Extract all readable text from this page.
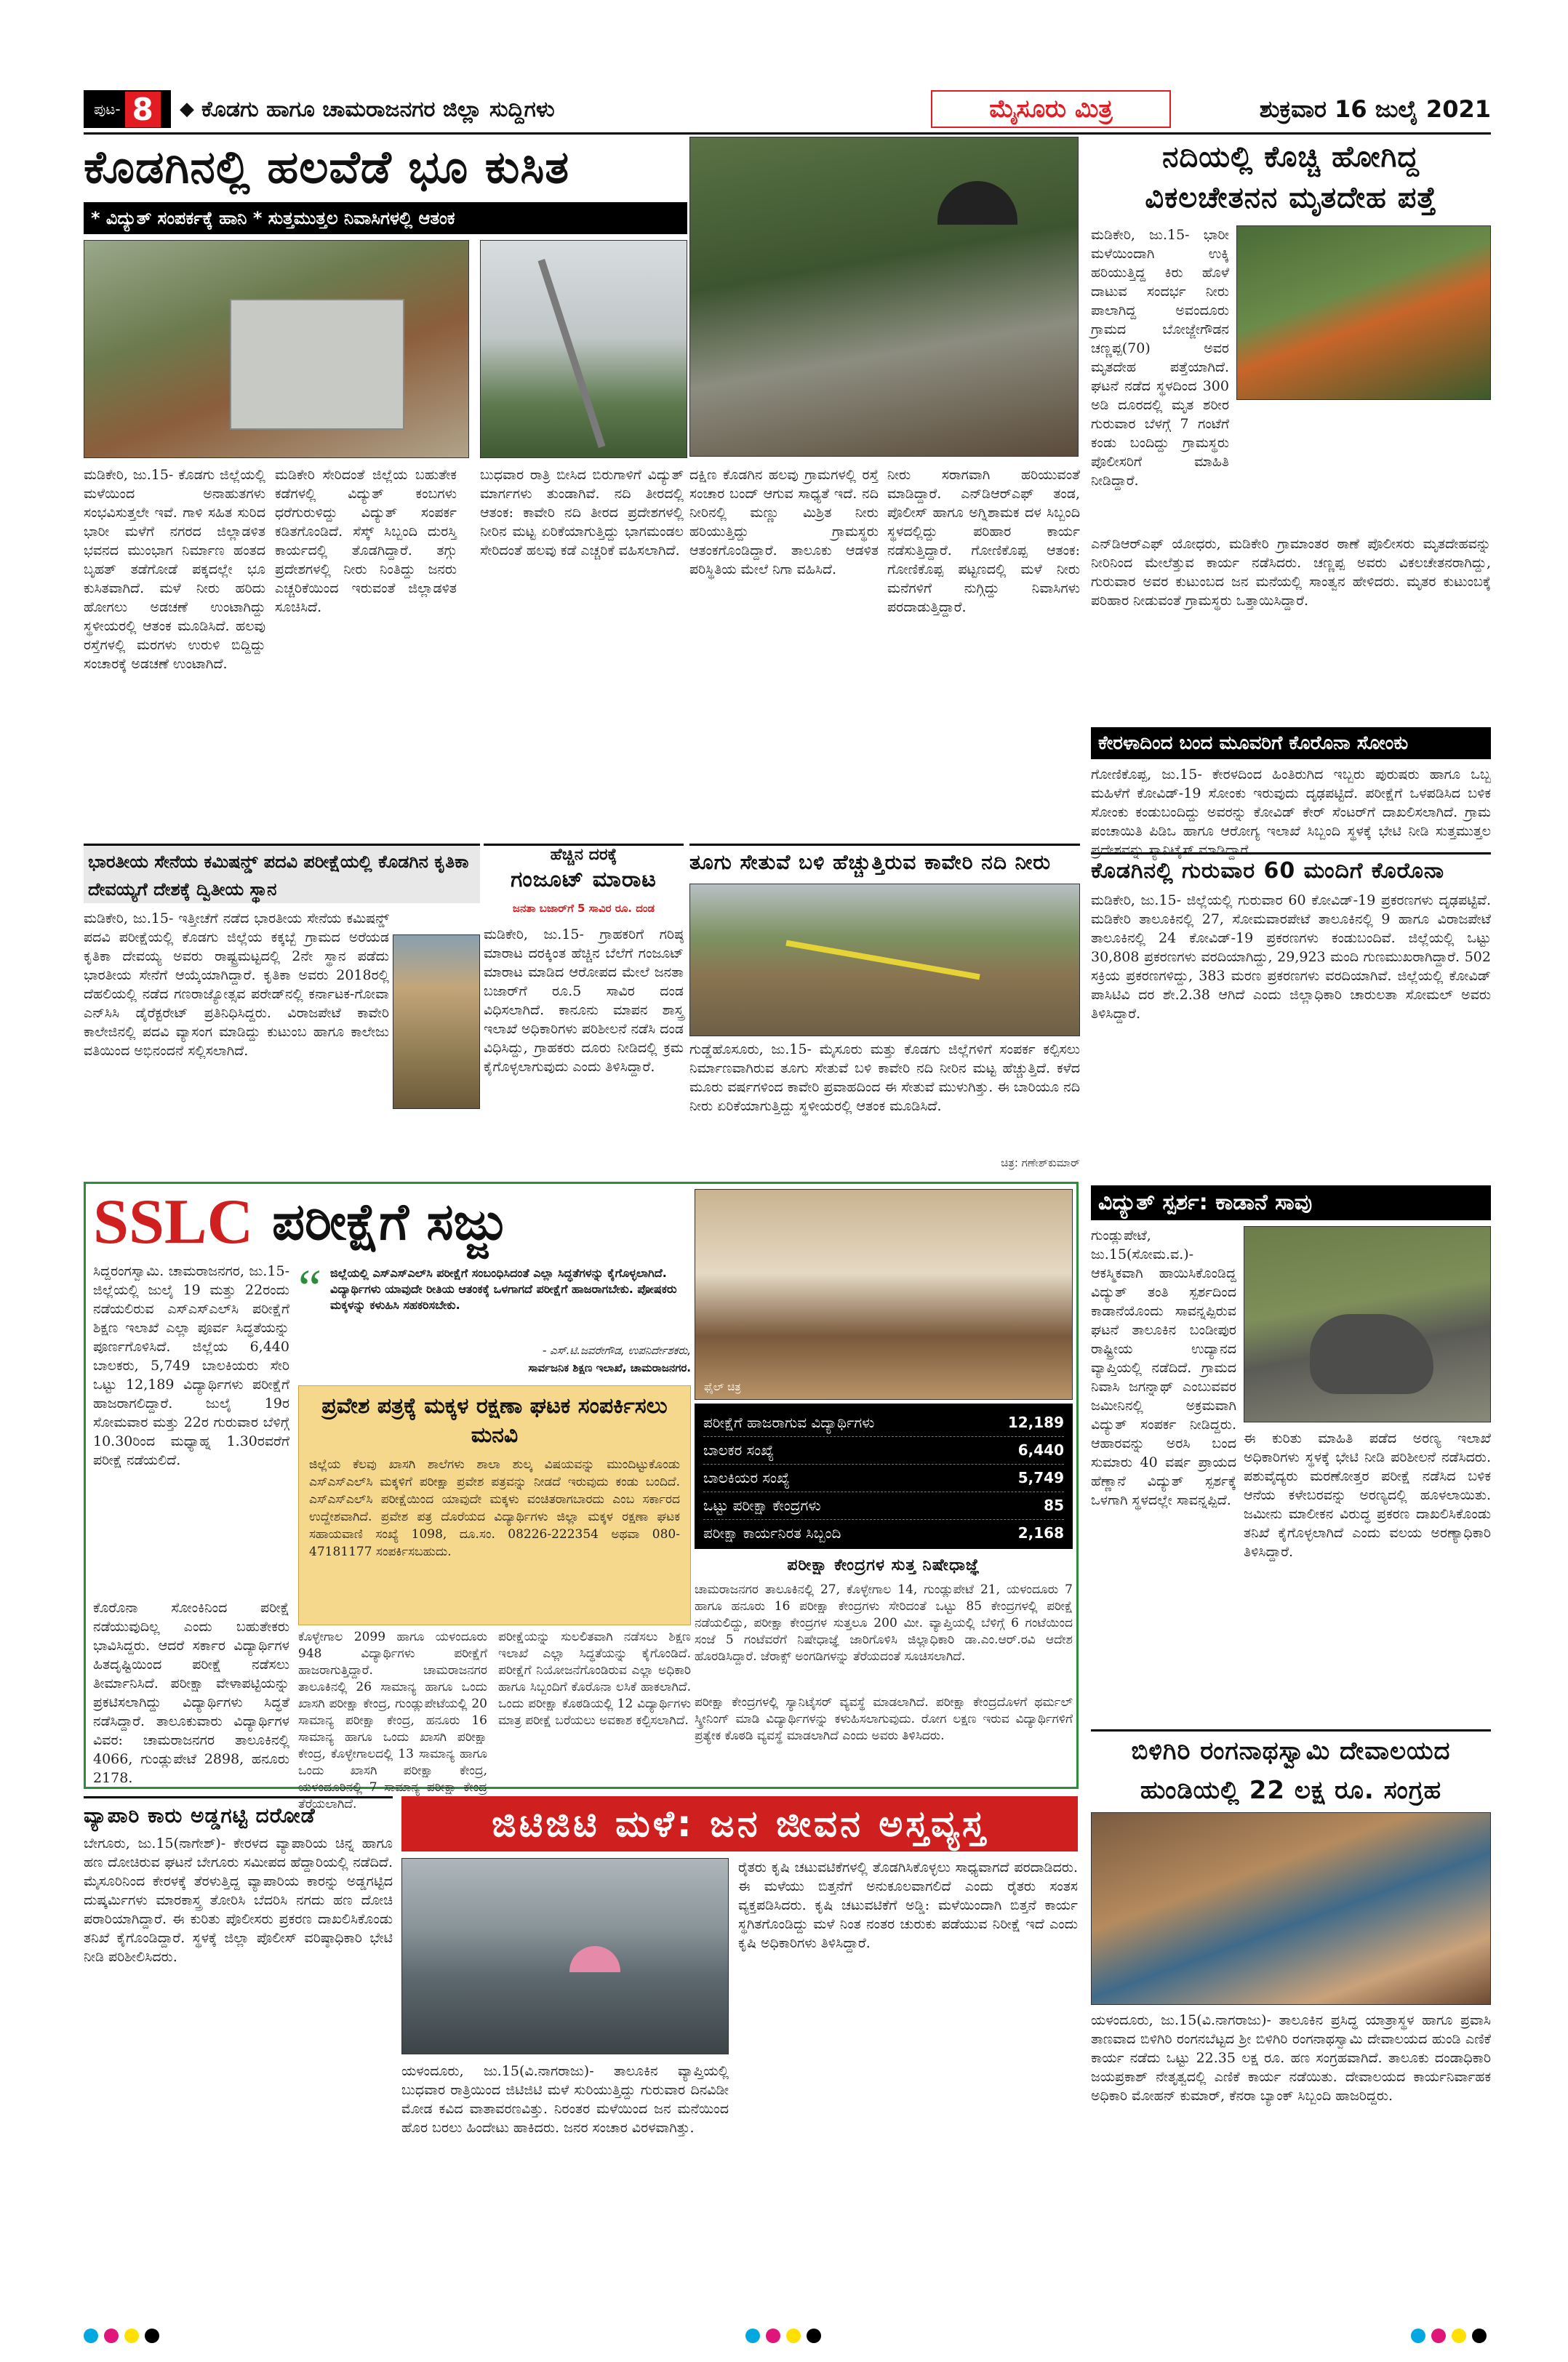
ಪುಟ- 8	◆ ಕೊಡಗು ಹಾಗೂ ಚಾಮರಾಜನಗರ ಜಿಲ್ಲಾ ಸುದ್ದಿಗಳು	ಮೈಸೂರು ಮಿತ್ರ	ಶುಕ್ರವಾರ 16 ಜುಲೈ 2021
ಕೊಡಗಿನಲ್ಲಿ ಹಲವೆಡೆ ಭೂ ಕುಸಿತ
* ವಿದ್ಯುತ್ ಸಂಪರ್ಕಕ್ಕೆ ಹಾನಿ * ಸುತ್ತಮುತ್ತಲ ನಿವಾಸಿಗಳಲ್ಲಿ ಆತಂಕ
ಮಡಿಕೇರಿ, ಜು.15- ಕೊಡಗು ಜಿಲ್ಲೆಯಲ್ಲಿ ಮಳೆಯಿಂದ ಅನಾಹುತಗಳು ಸಂಭವಿಸುತ್ತಲೇ ಇವೆ. ಗಾಳಿ ಸಹಿತ ಸುರಿದ ಭಾರೀ ಮಳೆಗೆ ನಗರದ ಜಿಲ್ಲಾಡಳಿತ ಭವನದ ಮುಂಭಾಗ ನಿರ್ಮಾಣ ಹಂತದ ಬೃಹತ್ ತಡೆಗೋಡೆ ಪಕ್ಕದಲ್ಲೇ ಭೂ ಕುಸಿತವಾಗಿದೆ. ಮಳೆ ನೀರು ಹರಿದು ಹೋಗಲು ಅಡಚಣೆ ಉಂಟಾಗಿದ್ದು ಸ್ಥಳೀಯರಲ್ಲಿ ಆತಂಕ ಮೂಡಿಸಿದೆ. ಹಲವು ರಸ್ತೆಗಳಲ್ಲಿ ಮರಗಳು ಉರುಳಿ ಬಿದ್ದಿದ್ದು ಸಂಚಾರಕ್ಕೆ ಅಡಚಣೆ ಉಂಟಾಗಿದೆ.
ಮಡಿಕೇರಿ ಸೇರಿದಂತೆ ಜಿಲ್ಲೆಯ ಬಹುತೇಕ ಕಡೆಗಳಲ್ಲಿ ವಿದ್ಯುತ್ ಕಂಬಗಳು ಧರೆಗುರುಳಿದ್ದು ವಿದ್ಯುತ್ ಸಂಪರ್ಕ ಕಡಿತಗೊಂಡಿದೆ. ಸೆಸ್ಕ್ ಸಿಬ್ಬಂದಿ ದುರಸ್ತಿ ಕಾರ್ಯದಲ್ಲಿ ತೊಡಗಿದ್ದಾರೆ. ತಗ್ಗು ಪ್ರದೇಶಗಳಲ್ಲಿ ನೀರು ನಿಂತಿದ್ದು ಜನರು ಎಚ್ಚರಿಕೆಯಿಂದ ಇರುವಂತೆ ಜಿಲ್ಲಾಡಳಿತ ಸೂಚಿಸಿದೆ.
ಬುಧವಾರ ರಾತ್ರಿ ಬೀಸಿದ ಬಿರುಗಾಳಿಗೆ ವಿದ್ಯುತ್ ಮಾರ್ಗಗಳು ತುಂಡಾಗಿವೆ. ನದಿ ತೀರದಲ್ಲಿ ಆತಂಕ: ಕಾವೇರಿ ನದಿ ತೀರದ ಪ್ರದೇಶಗಳಲ್ಲಿ ನೀರಿನ ಮಟ್ಟ ಏರಿಕೆಯಾಗುತ್ತಿದ್ದು ಭಾಗಮಂಡಲ ಸೇರಿದಂತೆ ಹಲವು ಕಡೆ ಎಚ್ಚರಿಕೆ ವಹಿಸಲಾಗಿದೆ.
ದಕ್ಷಿಣ ಕೊಡಗಿನ ಹಲವು ಗ್ರಾಮಗಳಲ್ಲಿ ರಸ್ತೆ ಸಂಚಾರ ಬಂದ್ ಆಗುವ ಸಾಧ್ಯತೆ ಇದೆ. ನದಿ ನೀರಿನಲ್ಲಿ ಮಣ್ಣು ಮಿಶ್ರಿತ ನೀರು ಹರಿಯುತ್ತಿದ್ದು ಗ್ರಾಮಸ್ಥರು ಆತಂಕಗೊಂಡಿದ್ದಾರೆ. ತಾಲೂಕು ಆಡಳಿತ ಪರಿಸ್ಥಿತಿಯ ಮೇಲೆ ನಿಗಾ ವಹಿಸಿದೆ.
ನೀರು ಸರಾಗವಾಗಿ ಹರಿಯುವಂತೆ ಮಾಡಿದ್ದಾರೆ. ಎನ್‌ಡಿಆರ್‌ಎಫ್ ತಂಡ, ಪೊಲೀಸ್ ಹಾಗೂ ಅಗ್ನಿಶಾಮಕ ದಳ ಸಿಬ್ಬಂದಿ ಸ್ಥಳದಲ್ಲಿದ್ದು ಪರಿಹಾರ ಕಾರ್ಯ ನಡೆಸುತ್ತಿದ್ದಾರೆ. ಗೋಣಿಕೊಪ್ಪ ಆತಂಕ: ಗೋಣಿಕೊಪ್ಪ ಪಟ್ಟಣದಲ್ಲಿ ಮಳೆ ನೀರು ಮನೆಗಳಿಗೆ ನುಗ್ಗಿದ್ದು ನಿವಾಸಿಗಳು ಪರದಾಡುತ್ತಿದ್ದಾರೆ.
ನದಿಯಲ್ಲಿ ಕೊಚ್ಚಿ ಹೋಗಿದ್ದ ವಿಕಲಚೇತನನ ಮೃತದೇಹ ಪತ್ತೆ
ಮಡಿಕೇರಿ, ಜು.15- ಭಾರೀ ಮಳೆಯಿಂದಾಗಿ ಉಕ್ಕಿ ಹರಿಯುತ್ತಿದ್ದ ಕಿರು ಹೊಳೆ ದಾಟುವ ಸಂದರ್ಭ ನೀರು ಪಾಲಾಗಿದ್ದ ಅವಂದೂರು ಗ್ರಾಮದ ಬೋಜ್ಜೇಗೌಡನ ಚಣ್ಣಪ್ಪ(70) ಅವರ ಮೃತದೇಹ ಪತ್ತೆಯಾಗಿದೆ. ಘಟನೆ ನಡೆದ ಸ್ಥಳದಿಂದ 300 ಅಡಿ ದೂರದಲ್ಲಿ ಮೃತ ಶರೀರ ಗುರುವಾರ ಬೆಳಗ್ಗೆ 7 ಗಂಟೆಗೆ ಕಂಡು ಬಂದಿದ್ದು ಗ್ರಾಮಸ್ಥರು ಪೊಲೀಸರಿಗೆ ಮಾಹಿತಿ ನೀಡಿದ್ದಾರೆ.
ಎನ್‌ಡಿಆರ್‌ಎಫ್ ಯೋಧರು, ಮಡಿಕೇರಿ ಗ್ರಾಮಾಂತರ ಠಾಣೆ ಪೊಲೀಸರು ಮೃತದೇಹವನ್ನು ನೀರಿನಿಂದ ಮೇಲೆತ್ತುವ ಕಾರ್ಯ ನಡೆಸಿದರು. ಚಣ್ಣಪ್ಪ ಅವರು ವಿಕಲಚೇತನರಾಗಿದ್ದು, ಗುರುವಾರ ಅವರ ಕುಟುಂಬದ ಜನ ಮನೆಯಲ್ಲಿ ಸಾಂತ್ವನ ಹೇಳಿದರು. ಮೃತರ ಕುಟುಂಬಕ್ಕೆ ಪರಿಹಾರ ನೀಡುವಂತೆ ಗ್ರಾಮಸ್ಥರು ಒತ್ತಾಯಿಸಿದ್ದಾರೆ.
ಕೇರಳಾದಿಂದ ಬಂದ ಮೂವರಿಗೆ ಕೊರೊನಾ ಸೋಂಕು
ಗೋಣಿಕೊಪ್ಪ, ಜು.15- ಕೇರಳದಿಂದ ಹಿಂತಿರುಗಿದ ಇಬ್ಬರು ಪುರುಷರು ಹಾಗೂ ಒಬ್ಬ ಮಹಿಳೆಗೆ ಕೋವಿಡ್-19 ಸೋಂಕು ಇರುವುದು ದೃಢಪಟ್ಟಿದೆ. ಪರೀಕ್ಷೆಗೆ ಒಳಪಡಿಸಿದ ಬಳಿಕ ಸೋಂಕು ಕಂಡುಬಂದಿದ್ದು ಅವರನ್ನು ಕೋವಿಡ್ ಕೇರ್ ಸೆಂಟರ್‌ಗೆ ದಾಖಲಿಸಲಾಗಿದೆ. ಗ್ರಾಮ ಪಂಚಾಯಿತಿ ಪಿಡಿಒ ಹಾಗೂ ಆರೋಗ್ಯ ಇಲಾಖೆ ಸಿಬ್ಬಂದಿ ಸ್ಥಳಕ್ಕೆ ಭೇಟಿ ನೀಡಿ ಸುತ್ತಮುತ್ತಲ ಪ್ರದೇಶವನ್ನು ಸ್ಯಾನಿಟೈಸ್ ಮಾಡಿದ್ದಾರೆ.
ಕೊಡಗಿನಲ್ಲಿ ಗುರುವಾರ 60 ಮಂದಿಗೆ ಕೊರೊನಾ
ಮಡಿಕೇರಿ, ಜು.15- ಜಿಲ್ಲೆಯಲ್ಲಿ ಗುರುವಾರ 60 ಕೋವಿಡ್-19 ಪ್ರಕರಣಗಳು ದೃಢಪಟ್ಟಿವೆ. ಮಡಿಕೇರಿ ತಾಲೂಕಿನಲ್ಲಿ 27, ಸೋಮವಾರಪೇಟೆ ತಾಲೂಕಿನಲ್ಲಿ 9 ಹಾಗೂ ವಿರಾಜಪೇಟೆ ತಾಲೂಕಿನಲ್ಲಿ 24 ಕೋವಿಡ್-19 ಪ್ರಕರಣಗಳು ಕಂಡುಬಂದಿವೆ. ಜಿಲ್ಲೆಯಲ್ಲಿ ಒಟ್ಟು 30,808 ಪ್ರಕರಣಗಳು ವರದಿಯಾಗಿದ್ದು, 29,923 ಮಂದಿ ಗುಣಮುಖರಾಗಿದ್ದಾರೆ. 502 ಸಕ್ರಿಯ ಪ್ರಕರಣಗಳಿದ್ದು, 383 ಮರಣ ಪ್ರಕರಣಗಳು ವರದಿಯಾಗಿವೆ. ಜಿಲ್ಲೆಯಲ್ಲಿ ಕೋವಿಡ್ ಪಾಸಿಟಿವಿ ದರ ಶೇ.2.38 ಆಗಿದೆ ಎಂದು ಜಿಲ್ಲಾಧಿಕಾರಿ ಚಾರುಲತಾ ಸೋಮಲ್ ಅವರು ತಿಳಿಸಿದ್ದಾರೆ.
ಭಾರತೀಯ ಸೇನೆಯ ಕಮಿಷನ್ಡ್ ಪದವಿ ಪರೀಕ್ಷೆಯಲ್ಲಿ ಕೊಡಗಿನ ಕೃತಿಕಾ ದೇವಯ್ಯಗೆ ದೇಶಕ್ಕೆ ದ್ವಿತೀಯ ಸ್ಥಾನ
ಮಡಿಕೇರಿ, ಜು.15- ಇತ್ತೀಚೆಗೆ ನಡೆದ ಭಾರತೀಯ ಸೇನೆಯ ಕಮಿಷನ್ಡ್ ಪದವಿ ಪರೀಕ್ಷೆಯಲ್ಲಿ ಕೊಡಗು ಜಿಲ್ಲೆಯ ಕಕ್ಕಬ್ಬೆ ಗ್ರಾಮದ ಅರೆಯಡ ಕೃತಿಕಾ ದೇವಯ್ಯ ಅವರು ರಾಷ್ಟ್ರಮಟ್ಟದಲ್ಲಿ 2ನೇ ಸ್ಥಾನ ಪಡೆದು ಭಾರತೀಯ ಸೇನೆಗೆ ಆಯ್ಕೆಯಾಗಿದ್ದಾರೆ. ಕೃತಿಕಾ ಅವರು 2018ರಲ್ಲಿ ದೆಹಲಿಯಲ್ಲಿ ನಡೆದ ಗಣರಾಜ್ಯೋತ್ಸವ ಪರೇಡ್‌ನಲ್ಲಿ ಕರ್ನಾಟಕ-ಗೋವಾ ಎನ್‌ಸಿಸಿ ಡೈರೆಕ್ಟರೇಟ್ ಪ್ರತಿನಿಧಿಸಿದ್ದರು. ವಿರಾಜಪೇಟೆ ಕಾವೇರಿ ಕಾಲೇಜಿನಲ್ಲಿ ಪದವಿ ವ್ಯಾಸಂಗ ಮಾಡಿದ್ದು ಕುಟುಂಬ ಹಾಗೂ ಕಾಲೇಜು ವತಿಯಿಂದ ಅಭಿನಂದನೆ ಸಲ್ಲಿಸಲಾಗಿದೆ.
ಹೆಚ್ಚಿನ ದರಕ್ಕೆ
ಗಂಜೂಟ್ ಮಾರಾಟ
ಜನತಾ ಬಜಾರ್‌ಗೆ 5 ಸಾವಿರ ರೂ. ದಂಡ
ಮಡಿಕೇರಿ, ಜು.15- ಗ್ರಾಹಕರಿಗೆ ಗರಿಷ್ಠ ಮಾರಾಟ ದರಕ್ಕಿಂತ ಹೆಚ್ಚಿನ ಬೆಲೆಗೆ ಗಂಜೂಟ್ ಮಾರಾಟ ಮಾಡಿದ ಆರೋಪದ ಮೇಲೆ ಜನತಾ ಬಜಾರ್‌ಗೆ ರೂ.5 ಸಾವಿರ ದಂಡ ವಿಧಿಸಲಾಗಿದೆ. ಕಾನೂನು ಮಾಪನ ಶಾಸ್ತ್ರ ಇಲಾಖೆ ಅಧಿಕಾರಿಗಳು ಪರಿಶೀಲನೆ ನಡೆಸಿ ದಂಡ ವಿಧಿಸಿದ್ದು, ಗ್ರಾಹಕರು ದೂರು ನೀಡಿದಲ್ಲಿ ಕ್ರಮ ಕೈಗೊಳ್ಳಲಾಗುವುದು ಎಂದು ತಿಳಿಸಿದ್ದಾರೆ.
ತೂಗು ಸೇತುವೆ ಬಳಿ ಹೆಚ್ಚುತ್ತಿರುವ ಕಾವೇರಿ ನದಿ ನೀರು
ಗುಡ್ಡೆಹೊಸೂರು, ಜು.15- ಮೈಸೂರು ಮತ್ತು ಕೊಡಗು ಜಿಲ್ಲೆಗಳಿಗೆ ಸಂಪರ್ಕ ಕಲ್ಪಿಸಲು ನಿರ್ಮಾಣವಾಗಿರುವ ತೂಗು ಸೇತುವೆ ಬಳಿ ಕಾವೇರಿ ನದಿ ನೀರಿನ ಮಟ್ಟ ಹೆಚ್ಚುತ್ತಿದೆ. ಕಳೆದ ಮೂರು ವರ್ಷಗಳಿಂದ ಕಾವೇರಿ ಪ್ರವಾಹದಿಂದ ಈ ಸೇತುವೆ ಮುಳುಗಿತ್ತು. ಈ ಬಾರಿಯೂ ನದಿ ನೀರು ಏರಿಕೆಯಾಗುತ್ತಿದ್ದು ಸ್ಥಳೀಯರಲ್ಲಿ ಆತಂಕ ಮೂಡಿಸಿದೆ.
ಚಿತ್ರ: ಗಣೇಶ್‌ಕುಮಾರ್
SSLC ಪರೀಕ್ಷೆಗೆ ಸಜ್ಜು
ಸಿದ್ದರಂಗಸ್ವಾಮಿ. ಚಾಮರಾಜನಗರ, ಜು.15- ಜಿಲ್ಲೆಯಲ್ಲಿ ಜುಲೈ 19 ಮತ್ತು 22ರಂದು ನಡೆಯಲಿರುವ ಎಸ್ಎಸ್ಎಲ್‌ಸಿ ಪರೀಕ್ಷೆಗೆ ಶಿಕ್ಷಣ ಇಲಾಖೆ ಎಲ್ಲಾ ಪೂರ್ವ ಸಿದ್ಧತೆಯನ್ನು ಪೂರ್ಣಗೊಳಿಸಿದೆ. ಜಿಲ್ಲೆಯ 6,440 ಬಾಲಕರು, 5,749 ಬಾಲಕಿಯರು ಸೇರಿ ಒಟ್ಟು 12,189 ವಿದ್ಯಾರ್ಥಿಗಳು ಪರೀಕ್ಷೆಗೆ ಹಾಜರಾಗಲಿದ್ದಾರೆ. ಜುಲೈ 19ರ ಸೋಮವಾರ ಮತ್ತು 22ರ ಗುರುವಾರ ಬೆಳಿಗ್ಗೆ 10.30ರಿಂದ ಮಧ್ಯಾಹ್ನ 1.30ರವರೆಗೆ ಪರೀಕ್ಷೆ ನಡೆಯಲಿದೆ.
ಕೊರೊನಾ ಸೋಂಕಿನಿಂದ ಪರೀಕ್ಷೆ ನಡೆಯುವುದಿಲ್ಲ ಎಂದು ಬಹುತೇಕರು ಭಾವಿಸಿದ್ದರು. ಆದರೆ ಸರ್ಕಾರ ವಿದ್ಯಾರ್ಥಿಗಳ ಹಿತದೃಷ್ಟಿಯಿಂದ ಪರೀಕ್ಷೆ ನಡೆಸಲು ತೀರ್ಮಾನಿಸಿದೆ. ಪರೀಕ್ಷಾ ವೇಳಾಪಟ್ಟಿಯನ್ನು ಪ್ರಕಟಿಸಲಾಗಿದ್ದು ವಿದ್ಯಾರ್ಥಿಗಳು ಸಿದ್ಧತೆ ನಡೆಸಿದ್ದಾರೆ. ತಾಲೂಕುವಾರು ವಿದ್ಯಾರ್ಥಿಗಳ ವಿವರ: ಚಾಮರಾಜನಗರ ತಾಲೂಕಿನಲ್ಲಿ 4066, ಗುಂಡ್ಲುಪೇಟೆ 2898, ಹನೂರು 2178.
“ ಜಿಲ್ಲೆಯಲ್ಲಿ ಎಸ್ಎಸ್ಎಲ್‌ಸಿ ಪರೀಕ್ಷೆಗೆ ಸಂಬಂಧಿಸಿದಂತೆ ಎಲ್ಲಾ ಸಿದ್ಧತೆಗಳನ್ನು ಕೈಗೊಳ್ಳಲಾಗಿದೆ. ವಿದ್ಯಾರ್ಥಿಗಳು ಯಾವುದೇ ರೀತಿಯ ಆತಂಕಕ್ಕೆ ಒಳಗಾಗದೆ ಪರೀಕ್ಷೆಗೆ ಹಾಜರಾಗಬೇಕು. ಪೋಷಕರು ಮಕ್ಕಳನ್ನು ಕಳುಹಿಸಿ ಸಹಕರಿಸಬೇಕು.
- ಎಸ್.ಟಿ.ಜವರೇಗೌಡ, ಉಪನಿರ್ದೇಶಕರು,
ಸಾರ್ವಜನಿಕ ಶಿಕ್ಷಣ ಇಲಾಖೆ, ಚಾಮರಾಜನಗರ.
ಪ್ರವೇಶ ಪತ್ರಕ್ಕೆ ಮಕ್ಕಳ ರಕ್ಷಣಾ ಘಟಕ ಸಂಪರ್ಕಿಸಲು ಮನವಿ
ಜಿಲ್ಲೆಯ ಕೆಲವು ಖಾಸಗಿ ಶಾಲೆಗಳು ಶಾಲಾ ಶುಲ್ಕ ವಿಷಯವನ್ನು ಮುಂದಿಟ್ಟುಕೊಂಡು ಎಸ್ಎಸ್ಎಲ್‌ಸಿ ಮಕ್ಕಳಿಗೆ ಪರೀಕ್ಷಾ ಪ್ರವೇಶ ಪತ್ರವನ್ನು ನೀಡದೆ ಇರುವುದು ಕಂಡು ಬಂದಿದೆ. ಎಸ್ಎಸ್ಎಲ್‌ಸಿ ಪರೀಕ್ಷೆಯಿಂದ ಯಾವುದೇ ಮಕ್ಕಳು ವಂಚಿತರಾಗಬಾರದು ಎಂಬ ಸರ್ಕಾರದ ಉದ್ದೇಶವಾಗಿದೆ. ಪ್ರವೇಶ ಪತ್ರ ದೊರೆಯದ ವಿದ್ಯಾರ್ಥಿಗಳು ಜಿಲ್ಲಾ ಮಕ್ಕಳ ರಕ್ಷಣಾ ಘಟಕ ಸಹಾಯವಾಣಿ ಸಂಖ್ಯೆ 1098, ದೂ.ಸಂ. 08226-222354 ಅಥವಾ 080-47181177 ಸಂಪರ್ಕಿಸಬಹುದು.
ಕೊಳ್ಳೇಗಾಲ 2099 ಹಾಗೂ ಯಳಂದೂರು 948 ವಿದ್ಯಾರ್ಥಿಗಳು ಪರೀಕ್ಷೆಗೆ ಹಾಜರಾಗುತ್ತಿದ್ದಾರೆ. ಚಾಮರಾಜನಗರ ತಾಲೂಕಿನಲ್ಲಿ 26 ಸಾಮಾನ್ಯ ಹಾಗೂ ಒಂದು ಖಾಸಗಿ ಪರೀಕ್ಷಾ ಕೇಂದ್ರ, ಗುಂಡ್ಲುಪೇಟೆಯಲ್ಲಿ 20 ಸಾಮಾನ್ಯ ಪರೀಕ್ಷಾ ಕೇಂದ್ರ, ಹನೂರು 16 ಸಾಮಾನ್ಯ ಹಾಗೂ ಒಂದು ಖಾಸಗಿ ಪರೀಕ್ಷಾ ಕೇಂದ್ರ, ಕೊಳ್ಳೇಗಾಲದಲ್ಲಿ 13 ಸಾಮಾನ್ಯ ಹಾಗೂ ಒಂದು ಖಾಸಗಿ ಪರೀಕ್ಷಾ ಕೇಂದ್ರ, ಯಳಂದೂರಿನಲ್ಲಿ 7 ಸಾಮಾನ್ಯ ಪರೀಕ್ಷಾ ಕೇಂದ್ರ ತೆರೆಯಲಾಗಿದೆ.
ಪರೀಕ್ಷೆಯನ್ನು ಸುಲಲಿತವಾಗಿ ನಡೆಸಲು ಶಿಕ್ಷಣ ಇಲಾಖೆ ಎಲ್ಲಾ ಸಿದ್ಧತೆಯನ್ನು ಕೈಗೊಂಡಿದೆ. ಪರೀಕ್ಷೆಗೆ ನಿಯೋಜನೆಗೊಂಡಿರುವ ಎಲ್ಲಾ ಅಧಿಕಾರಿ ಹಾಗೂ ಸಿಬ್ಬಂದಿಗೆ ಕೊರೊನಾ ಲಸಿಕೆ ಹಾಕಲಾಗಿದೆ. ಒಂದು ಪರೀಕ್ಷಾ ಕೊಠಡಿಯಲ್ಲಿ 12 ವಿದ್ಯಾರ್ಥಿಗಳು ಮಾತ್ರ ಪರೀಕ್ಷೆ ಬರೆಯಲು ಅವಕಾಶ ಕಲ್ಪಿಸಲಾಗಿದೆ.
ಫೈಲ್ ಚಿತ್ರ
ಪರೀಕ್ಷೆಗೆ ಹಾಜರಾಗುವ ವಿದ್ಯಾರ್ಥಿಗಳು	12,189
ಬಾಲಕರ ಸಂಖ್ಯೆ	6,440
ಬಾಲಕಿಯರ ಸಂಖ್ಯೆ	5,749
ಒಟ್ಟು ಪರೀಕ್ಷಾ ಕೇಂದ್ರಗಳು	85
ಪರೀಕ್ಷಾ ಕಾರ್ಯನಿರತ ಸಿಬ್ಬಂದಿ	2,168
ಪರೀಕ್ಷಾ ಕೇಂದ್ರಗಳ ಸುತ್ತ ನಿಷೇಧಾಜ್ಞೆ
ಚಾಮರಾಜನಗರ ತಾಲೂಕಿನಲ್ಲಿ 27, ಕೊಳ್ಳೇಗಾಲ 14, ಗುಂಡ್ಲುಪೇಟೆ 21, ಯಳಂದೂರು 7 ಹಾಗೂ ಹನೂರು 16 ಪರೀಕ್ಷಾ ಕೇಂದ್ರಗಳು ಸೇರಿದಂತೆ ಒಟ್ಟು 85 ಕೇಂದ್ರಗಳಲ್ಲಿ ಪರೀಕ್ಷೆ ನಡೆಯಲಿದ್ದು, ಪರೀಕ್ಷಾ ಕೇಂದ್ರಗಳ ಸುತ್ತಲೂ 200 ಮೀ. ವ್ಯಾಪ್ತಿಯಲ್ಲಿ ಬೆಳಿಗ್ಗೆ 6 ಗಂಟೆಯಿಂದ ಸಂಜೆ 5 ಗಂಟೆವರೆಗೆ ನಿಷೇಧಾಜ್ಞೆ ಜಾರಿಗೊಳಿಸಿ ಜಿಲ್ಲಾಧಿಕಾರಿ ಡಾ.ಎಂ.ಆರ್.ರವಿ ಆದೇಶ ಹೊರಡಿಸಿದ್ದಾರೆ. ಜೆರಾಕ್ಸ್ ಅಂಗಡಿಗಳನ್ನು ತೆರೆಯದಂತೆ ಸೂಚಿಸಲಾಗಿದೆ.
ಪರೀಕ್ಷಾ ಕೇಂದ್ರಗಳಲ್ಲಿ ಸ್ಯಾನಿಟೈಸರ್ ವ್ಯವಸ್ಥೆ ಮಾಡಲಾಗಿದೆ. ಪರೀಕ್ಷಾ ಕೇಂದ್ರದೊಳಗೆ ಥರ್ಮಲ್ ಸ್ಕ್ರೀನಿಂಗ್ ಮಾಡಿ ವಿದ್ಯಾರ್ಥಿಗಳನ್ನು ಕಳುಹಿಸಲಾಗುವುದು. ರೋಗ ಲಕ್ಷಣ ಇರುವ ವಿದ್ಯಾರ್ಥಿಗಳಿಗೆ ಪ್ರತ್ಯೇಕ ಕೊಠಡಿ ವ್ಯವಸ್ಥೆ ಮಾಡಲಾಗಿದೆ ಎಂದು ಅವರು ತಿಳಿಸಿದರು.
ವಿದ್ಯುತ್ ಸ್ಪರ್ಶ: ಕಾಡಾನೆ ಸಾವು
ಗುಂಡ್ಲುಪೇಟೆ, ಜು.15(ಸೋಮ.ವ.)- ಆಕಸ್ಮಿಕವಾಗಿ ಹಾಯಿಸಿಕೊಂಡಿದ್ದ ವಿದ್ಯುತ್ ತಂತಿ ಸ್ಪರ್ಶದಿಂದ ಕಾಡಾನೆಯೊಂದು ಸಾವನ್ನಪ್ಪಿರುವ ಘಟನೆ ತಾಲೂಕಿನ ಬಂಡೀಪುರ ರಾಷ್ಟ್ರೀಯ ಉದ್ಯಾನದ ವ್ಯಾಪ್ತಿಯಲ್ಲಿ ನಡೆದಿದೆ. ಗ್ರಾಮದ ನಿವಾಸಿ ಜಗನ್ನಾಥ್ ಎಂಬುವವರ ಜಮೀನಿನಲ್ಲಿ ಅಕ್ರಮವಾಗಿ ವಿದ್ಯುತ್ ಸಂಪರ್ಕ ನೀಡಿದ್ದರು. ಆಹಾರವನ್ನು ಅರಸಿ ಬಂದ ಸುಮಾರು 40 ವರ್ಷ ಪ್ರಾಯದ ಹೆಣ್ಣಾನೆ ವಿದ್ಯುತ್ ಸ್ಪರ್ಶಕ್ಕೆ ಒಳಗಾಗಿ ಸ್ಥಳದಲ್ಲೇ ಸಾವನ್ನಪ್ಪಿದೆ.
ಈ ಕುರಿತು ಮಾಹಿತಿ ಪಡೆದ ಅರಣ್ಯ ಇಲಾಖೆ ಅಧಿಕಾರಿಗಳು ಸ್ಥಳಕ್ಕೆ ಭೇಟಿ ನೀಡಿ ಪರಿಶೀಲನೆ ನಡೆಸಿದರು. ಪಶುವೈದ್ಯರು ಮರಣೋತ್ತರ ಪರೀಕ್ಷೆ ನಡೆಸಿದ ಬಳಿಕ ಆನೆಯ ಕಳೇಬರವನ್ನು ಅರಣ್ಯದಲ್ಲಿ ಹೂಳಲಾಯಿತು. ಜಮೀನು ಮಾಲೀಕನ ವಿರುದ್ಧ ಪ್ರಕರಣ ದಾಖಲಿಸಿಕೊಂಡು ತನಿಖೆ ಕೈಗೊಳ್ಳಲಾಗಿದೆ ಎಂದು ವಲಯ ಅರಣ್ಯಾಧಿಕಾರಿ ತಿಳಿಸಿದ್ದಾರೆ.
ಬಿಳಿಗಿರಿ ರಂಗನಾಥಸ್ವಾಮಿ ದೇವಾಲಯದ ಹುಂಡಿಯಲ್ಲಿ 22 ಲಕ್ಷ ರೂ. ಸಂಗ್ರಹ
ಯಳಂದೂರು, ಜು.15(ವಿ.ನಾಗರಾಜು)- ತಾಲೂಕಿನ ಪ್ರಸಿದ್ಧ ಯಾತ್ರಾಸ್ಥಳ ಹಾಗೂ ಪ್ರವಾಸಿ ತಾಣವಾದ ಬಿಳಿಗಿರಿ ರಂಗನಬೆಟ್ಟದ ಶ್ರೀ ಬಿಳಿಗಿರಿ ರಂಗನಾಥಸ್ವಾಮಿ ದೇವಾಲಯದ ಹುಂಡಿ ಎಣಿಕೆ ಕಾರ್ಯ ನಡೆದು ಒಟ್ಟು 22.35 ಲಕ್ಷ ರೂ. ಹಣ ಸಂಗ್ರಹವಾಗಿದೆ. ತಾಲೂಕು ದಂಡಾಧಿಕಾರಿ ಜಯಪ್ರಕಾಶ್ ನೇತೃತ್ವದಲ್ಲಿ ಎಣಿಕೆ ಕಾರ್ಯ ನಡೆಯಿತು. ದೇವಾಲಯದ ಕಾರ್ಯನಿರ್ವಾಹಕ ಅಧಿಕಾರಿ ಮೋಹನ್ ಕುಮಾರ್, ಕೆನರಾ ಬ್ಯಾಂಕ್ ಸಿಬ್ಬಂದಿ ಹಾಜರಿದ್ದರು.
ವ್ಯಾಪಾರಿ ಕಾರು ಅಡ್ಡಗಟ್ಟಿ ದರೋಡೆ
ಬೇಗೂರು, ಜು.15(ನಾಗೇಶ್)- ಕೇರಳದ ವ್ಯಾಪಾರಿಯ ಚಿನ್ನ ಹಾಗೂ ಹಣ ದೋಚಿರುವ ಘಟನೆ ಬೇಗೂರು ಸಮೀಪದ ಹೆದ್ದಾರಿಯಲ್ಲಿ ನಡೆದಿದೆ. ಮೈಸೂರಿನಿಂದ ಕೇರಳಕ್ಕೆ ತೆರಳುತ್ತಿದ್ದ ವ್ಯಾಪಾರಿಯ ಕಾರನ್ನು ಅಡ್ಡಗಟ್ಟಿದ ದುಷ್ಕರ್ಮಿಗಳು ಮಾರಕಾಸ್ತ್ರ ತೋರಿಸಿ ಬೆದರಿಸಿ ನಗದು ಹಣ ದೋಚಿ ಪರಾರಿಯಾಗಿದ್ದಾರೆ. ಈ ಕುರಿತು ಪೊಲೀಸರು ಪ್ರಕರಣ ದಾಖಲಿಸಿಕೊಂಡು ತನಿಖೆ ಕೈಗೊಂಡಿದ್ದಾರೆ. ಸ್ಥಳಕ್ಕೆ ಜಿಲ್ಲಾ ಪೊಲೀಸ್ ವರಿಷ್ಠಾಧಿಕಾರಿ ಭೇಟಿ ನೀಡಿ ಪರಿಶೀಲಿಸಿದರು.
ಜಿಟಿಜಿಟಿ ಮಳೆ: ಜನ ಜೀವನ ಅಸ್ತವ್ಯಸ್ತ
ಯಳಂದೂರು, ಜು.15(ವಿ.ನಾಗರಾಜು)- ತಾಲೂಕಿನ ವ್ಯಾಪ್ತಿಯಲ್ಲಿ ಬುಧವಾರ ರಾತ್ರಿಯಿಂದ ಜಿಟಿಜಿಟಿ ಮಳೆ ಸುರಿಯುತ್ತಿದ್ದು ಗುರುವಾರ ದಿನವಿಡೀ ಮೋಡ ಕವಿದ ವಾತಾವರಣವಿತ್ತು. ನಿರಂತರ ಮಳೆಯಿಂದ ಜನ ಮನೆಯಿಂದ ಹೊರ ಬರಲು ಹಿಂದೇಟು ಹಾಕಿದರು. ಜನರ ಸಂಚಾರ ವಿರಳವಾಗಿತ್ತು.
ರೈತರು ಕೃಷಿ ಚಟುವಟಿಕೆಗಳಲ್ಲಿ ತೊಡಗಿಸಿಕೊಳ್ಳಲು ಸಾಧ್ಯವಾಗದೆ ಪರದಾಡಿದರು. ಈ ಮಳೆಯು ಬಿತ್ತನೆಗೆ ಅನುಕೂಲವಾಗಲಿದೆ ಎಂದು ರೈತರು ಸಂತಸ ವ್ಯಕ್ತಪಡಿಸಿದರು. ಕೃಷಿ ಚಟುವಟಿಕೆಗೆ ಅಡ್ಡಿ: ಮಳೆಯಿಂದಾಗಿ ಬಿತ್ತನೆ ಕಾರ್ಯ ಸ್ಥಗಿತಗೊಂಡಿದ್ದು ಮಳೆ ನಿಂತ ನಂತರ ಚುರುಕು ಪಡೆಯುವ ನಿರೀಕ್ಷೆ ಇದೆ ಎಂದು ಕೃಷಿ ಅಧಿಕಾರಿಗಳು ತಿಳಿಸಿದ್ದಾರೆ.
